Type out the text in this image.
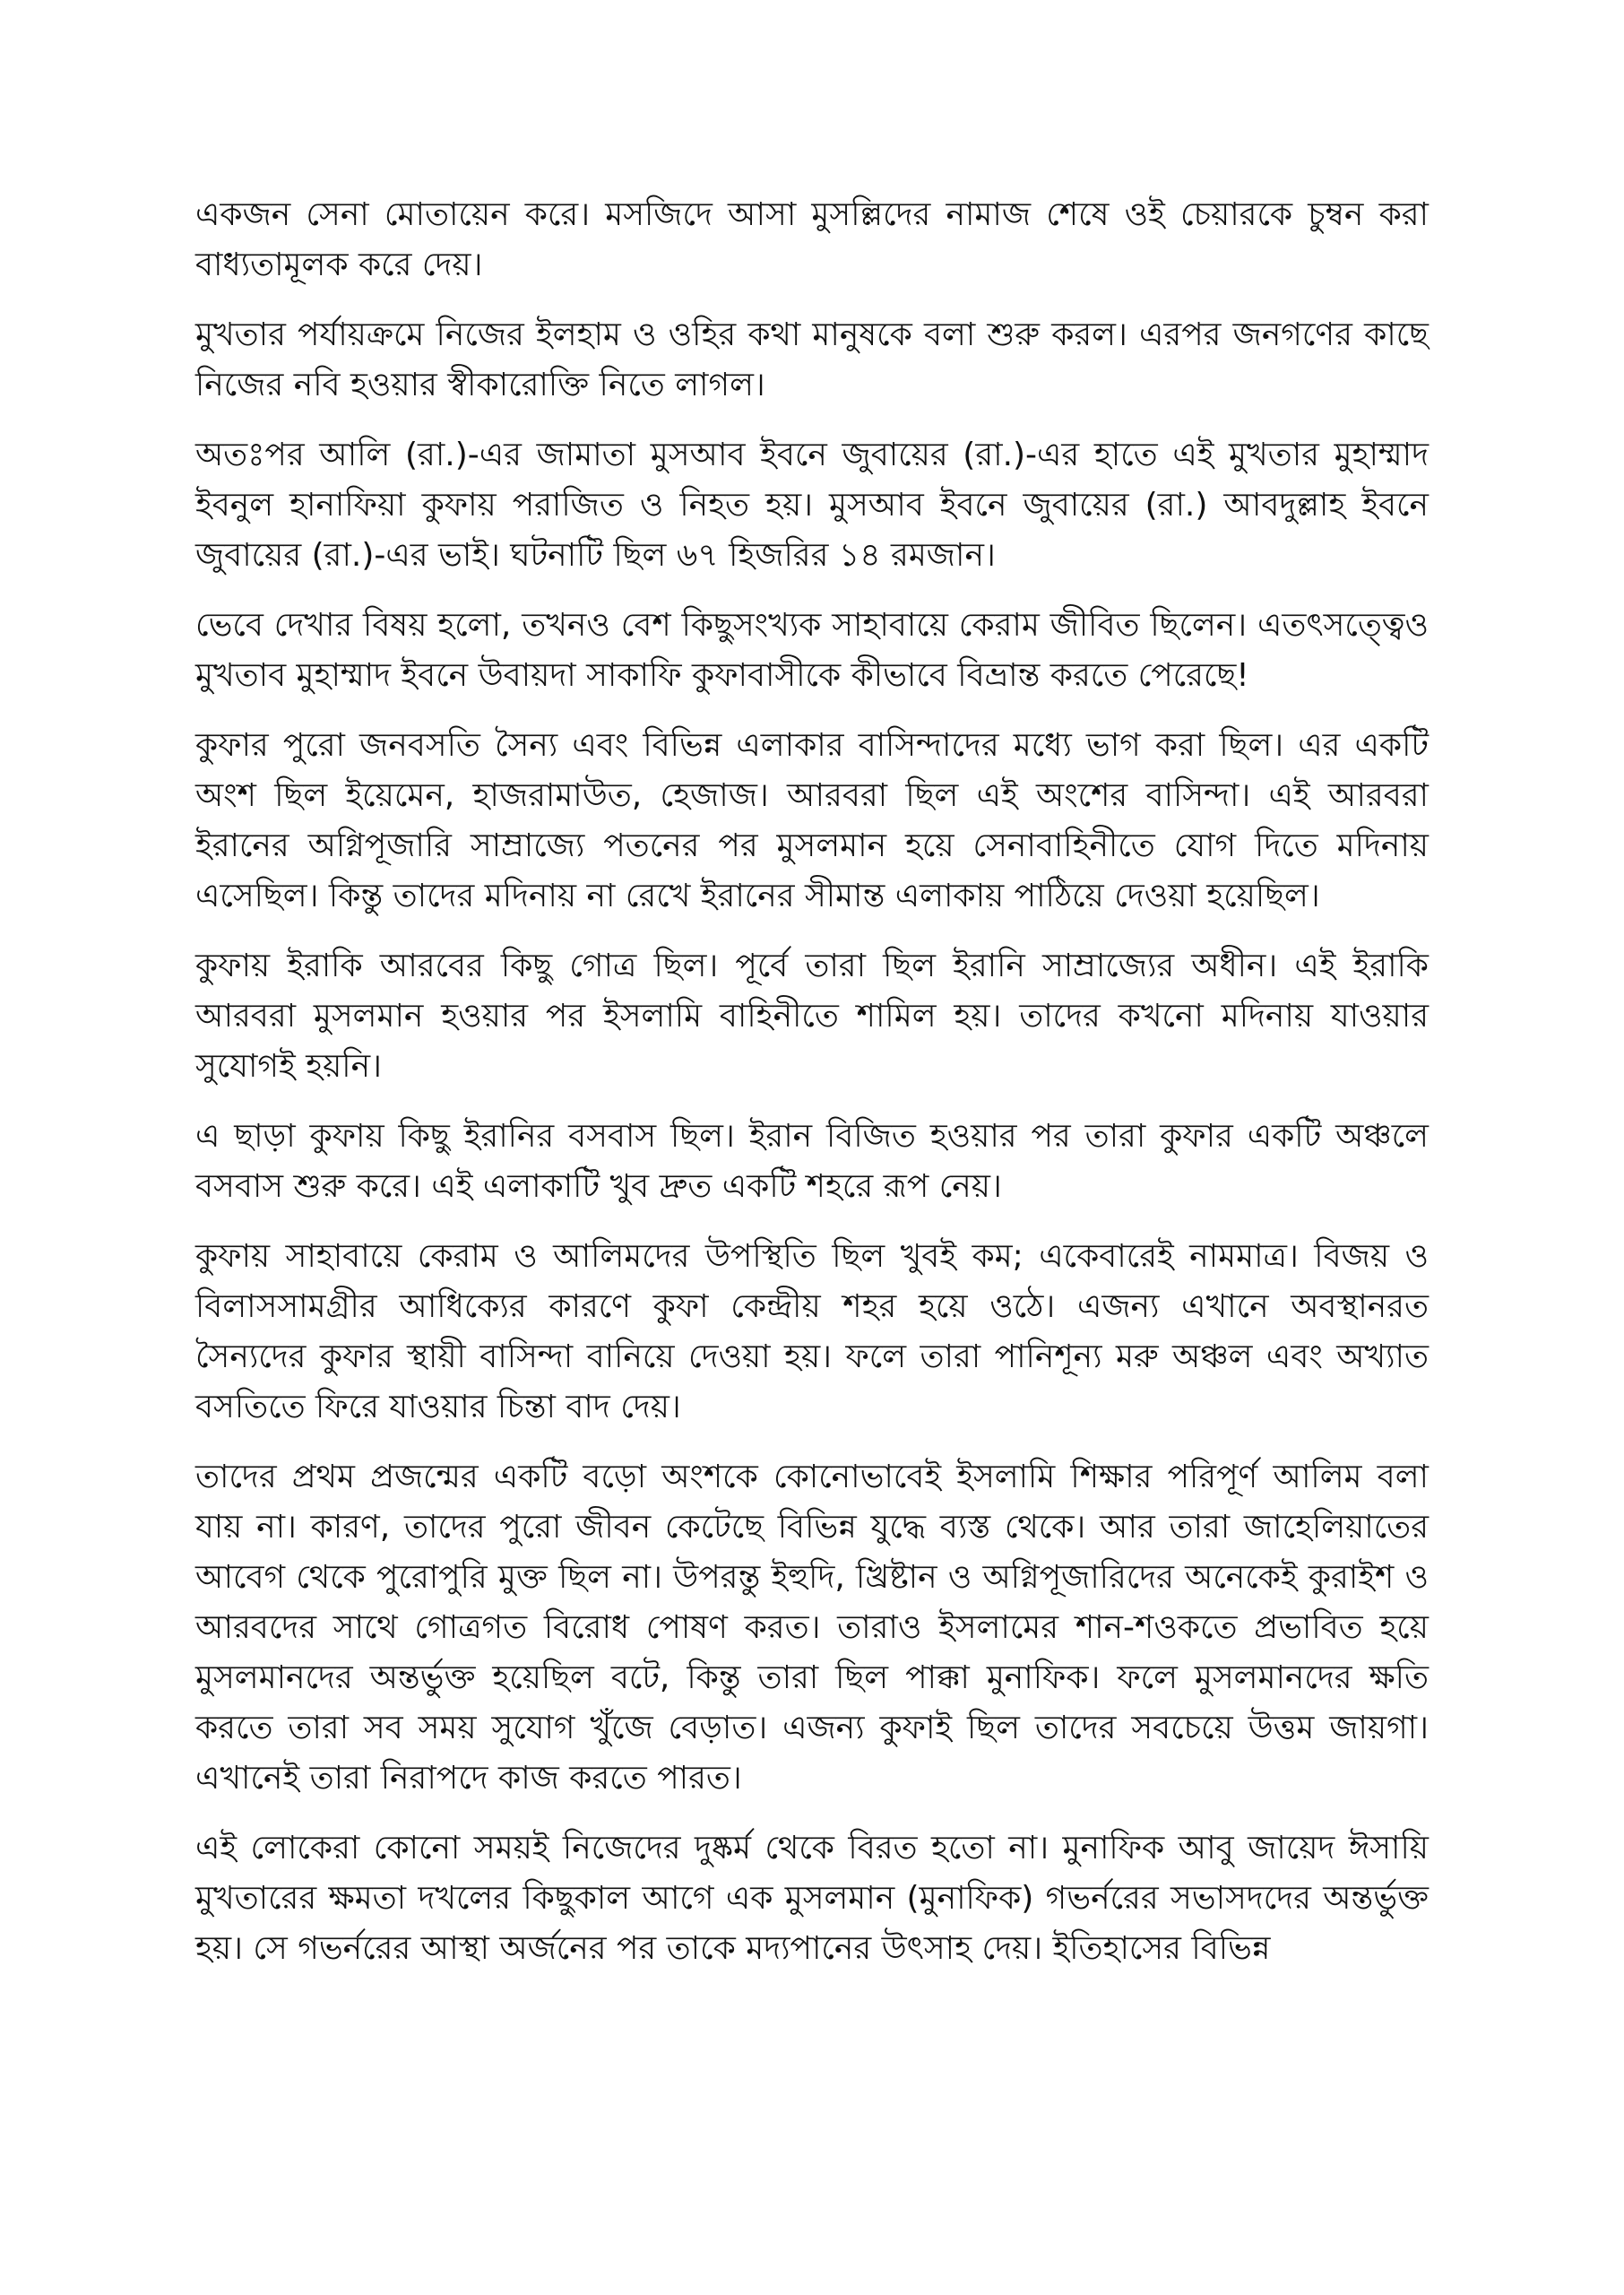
একজন সেনা মোতায়েন করে। মসজিদে আসা মুসল্লিদের নামাজ শেষে ওই চেয়ারকে চুম্বন করা বাধ্যতামূলক করে দেয়।

মুখতার পর্যায়ক্রমে নিজের ইলহাম ও ওহির কথা মানুষকে বলা শুরু করল। এরপর জনগণের কাছে নিজের নবি হওয়ার স্বীকারোক্তি নিতে লাগল।

অতঃপর আলি (রা.)-এর জামাতা মুসআব ইবনে জুবায়ের (রা.)-এর হাতে এই মুখতার মুহাম্মাদ ইবনুল হানাফিয়া কুফায় পরাজিত ও নিহত হয়। মুসআব ইবনে জুবায়ের (রা.) আবদুল্লাহ ইবনে জুবায়ের (রা.)-এর ভাই। ঘটনাটি ছিল ৬৭ হিজরির ১৪ রমজান।

ভেবে দেখার বিষয় হলো, তখনও বেশ কিছুসংখ্যক সাহাবায়ে কেরাম জীবিত ছিলেন। এতৎসত্ত্বেও মুখতাব মুহাম্মাদ ইবনে উবায়দা সাকাফি কুফাবাসীকে কীভাবে বিভ্রান্ত করতে পেরেছে!

কুফার পুরো জনবসতি সৈন্য এবং বিভিন্ন এলাকার বাসিন্দাদের মধ্যে ভাগ করা ছিল। এর একটি অংশ ছিল ইয়েমেন, হাজরামাউত, হেজাজ। আরবরা ছিল এই অংশের বাসিন্দা। এই আরবরা ইরানের অগ্নিপূজারি সাম্রাজ্যে পতনের পর মুসলমান হয়ে সেনাবাহিনীতে যোগ দিতে মদিনায় এসেছিল। কিন্তু তাদের মদিনায় না রেখে ইরানের সীমান্ত এলাকায় পাঠিয়ে দেওয়া হয়েছিল।

কুফায় ইরাকি আরবের কিছু গোত্র ছিল। পূর্বে তারা ছিল ইরানি সাম্রাজ্যের অধীন। এই ইরাকি আরবরা মুসলমান হওয়ার পর ইসলামি বাহিনীতে শামিল হয়। তাদের কখনো মদিনায় যাওয়ার সুযোগই হয়নি।

এ ছাড়া কুফায় কিছু ইরানির বসবাস ছিল। ইরান বিজিত হওয়ার পর তারা কুফার একটি অঞ্চলে বসবাস শুরু করে। এই এলাকাটি খুব দ্রুত একটি শহরে রূপ নেয়।

কুফায় সাহাবায়ে কেরাম ও আলিমদের উপস্থিতি ছিল খুবই কম; একেবারেই নামমাত্র। বিজয় ও বিলাসসামগ্রীর আধিক্যের কারণে কুফা কেন্দ্রীয় শহর হয়ে ওঠে। এজন্য এখানে অবস্থানরত সৈন্যদের কুফার স্থায়ী বাসিন্দা বানিয়ে দেওয়া হয়। ফলে তারা পানিশূন্য মরু অঞ্চল এবং অখ্যাত বসতিতে ফিরে যাওয়ার চিন্তা বাদ দেয়।

তাদের প্রথম প্রজন্মের একটি বড়ো অংশকে কোনোভাবেই ইসলামি শিক্ষার পরিপূর্ণ আলিম বলা যায় না। কারণ, তাদের পুরো জীবন কেটেছে বিভিন্ন যুদ্ধে ব্যস্ত থেকে। আর তারা জাহেলিয়াতের আবেগ থেকে পুরোপুরি মুক্ত ছিল না। উপরন্তু ইহুদি, খ্রিষ্টান ও অগ্নিপূজারিদের অনেকেই কুরাইশ ও আরবদের সাথে গোত্রগত বিরোধ পোষণ করত। তারাও ইসলামের শান-শওকতে প্রভাবিত হয়ে মুসলমানদের অন্তর্ভুক্ত হয়েছিল বটে, কিন্তু তারা ছিল পাক্কা মুনাফিক। ফলে মুসলমানদের ক্ষতি করতে তারা সব সময় সুযোগ খুঁজে বেড়াত। এজন্য কুফাই ছিল তাদের সবচেয়ে উত্তম জায়গা। এখানেই তারা নিরাপদে কাজ করতে পারত।

এই লোকেরা কোনো সময়ই নিজেদের দুষ্কর্ম থেকে বিরত হতো না। মুনাফিক আবু জায়েদ ঈসায়ি মুখতারের ক্ষমতা দখলের কিছুকাল আগে এক মুসলমান (মুনাফিক) গভর্নরের সভাসদদের অন্তর্ভুক্ত হয়। সে গভর্নরের আস্থা অর্জনের পর তাকে মদ্যপানের উৎসাহ দেয়। ইতিহাসের বিভিন্ন
